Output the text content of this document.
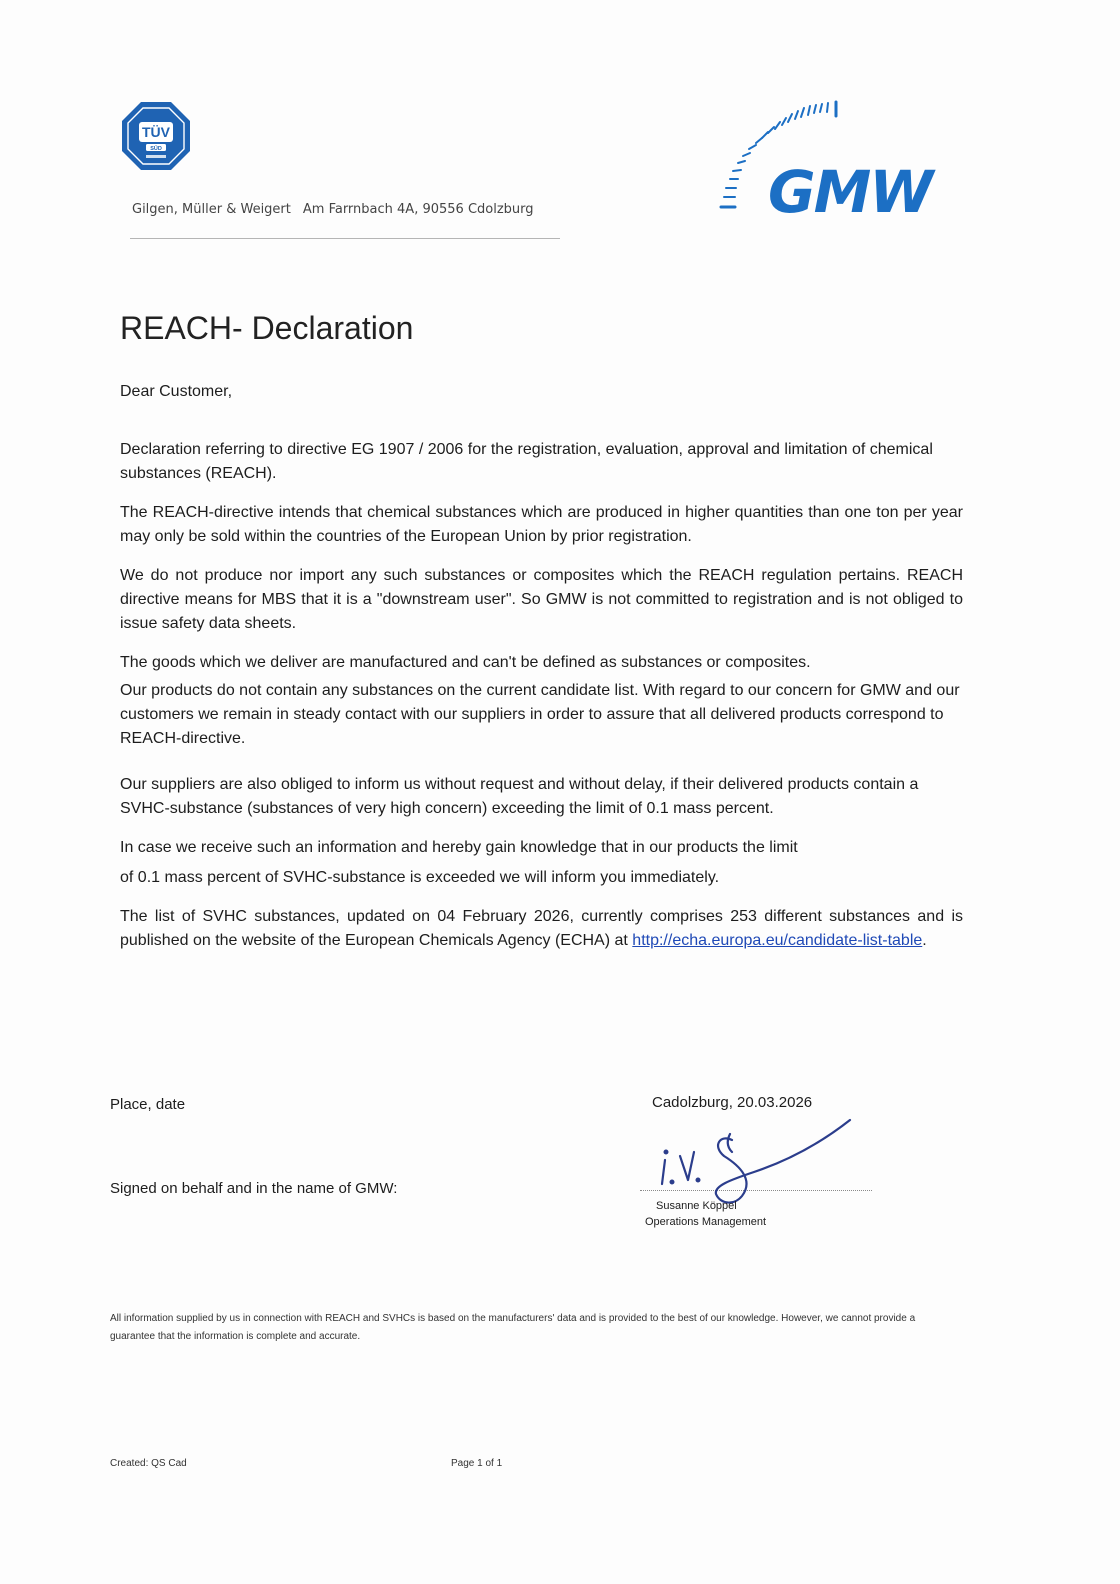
TÜV
SÜD
Gilgen, Müller & Weigert Am Farrnbach 4A, 90556 Cdolzburg	GMW
REACH- Declaration
Dear Customer,

Declaration referring to directive EG 1907 / 2006 for the registration, evaluation, approval and limitation of chemical substances (REACH).

The REACH-directive intends that chemical substances which are produced in higher quantities than one ton per year may only be sold within the countries of the European Union by prior registration.

We do not produce nor import any such substances or composites which the REACH regulation pertains. REACH directive means for MBS that it is a "downstream user". So GMW is not committed to registration and is not obliged to issue safety data sheets.

The goods which we deliver are manufactured and can't be defined as substances or composites.

Our products do not contain any substances on the current candidate list. With regard to our concern for GMW and our customers we remain in steady contact with our suppliers in order to assure that all delivered products correspond to REACH-directive.

Our suppliers are also obliged to inform us without request and without delay, if their delivered products contain a SVHC-substance (substances of very high concern) exceeding the limit of 0.1 mass percent.

In case we receive such an information and hereby gain knowledge that in our products the limit
of 0.1 mass percent of SVHC-substance is exceeded we will inform you immediately.

The list of SVHC substances, updated on 04 February 2026, currently comprises 253 different substances and is published on the website of the European Chemicals Agency (ECHA) at http://echa.europa.eu/candidate-list-table.

Place, date	Cadolzburg, 20.03.2026
Signed on behalf and in the name of GMW:
Susanne Köppel
Operations Management
All information supplied by us in connection with REACH and SVHCs is based on the manufacturers' data and is provided to the best of our knowledge. However, we cannot provide a guarantee that the information is complete and accurate.
Created: QS Cad	Page 1 of 1
